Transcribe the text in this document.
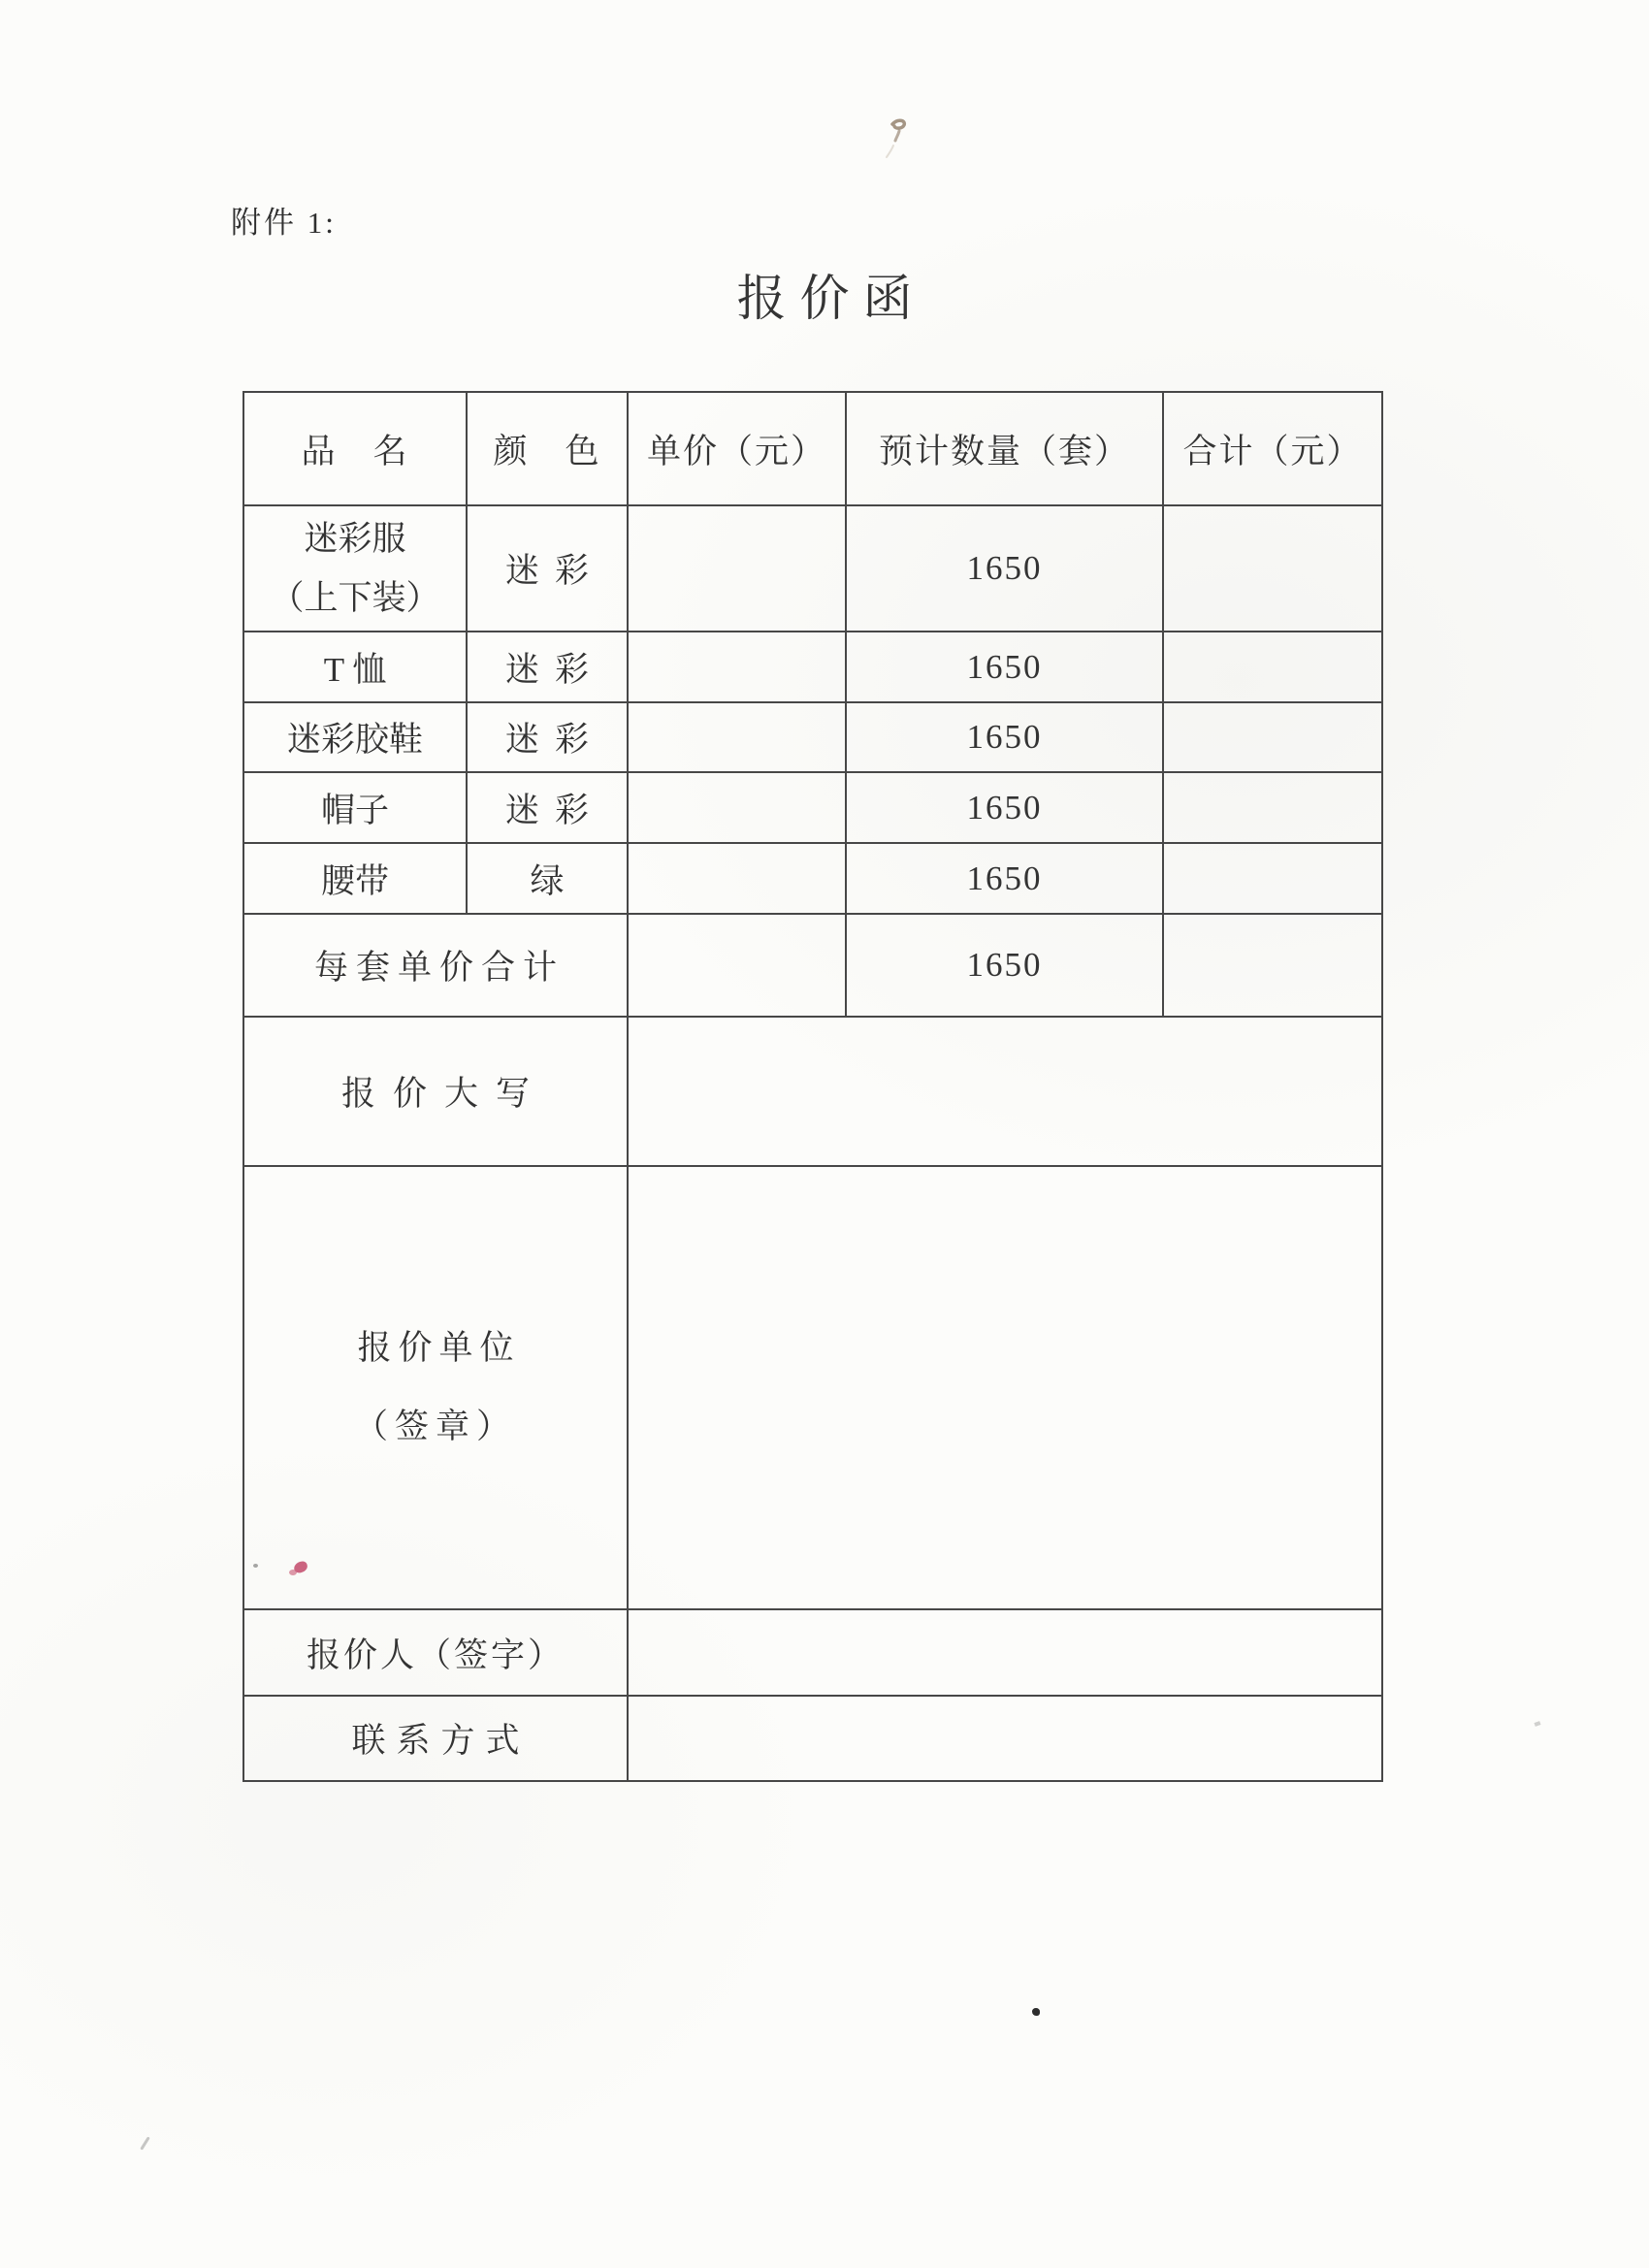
附件 1:
报价函
品　名	颜　色	单价（元）	预计数量（套）	合计（元）
迷彩服
（上下装）	迷彩		1650	
T 恤	迷彩		1650	
迷彩胶鞋	迷彩		1650	
帽子	迷彩		1650	
腰带	绿		1650	
每套单价合计			1650	
报价大写				
报价单位
（签章）				
报价人（签字）				
联系方式				
